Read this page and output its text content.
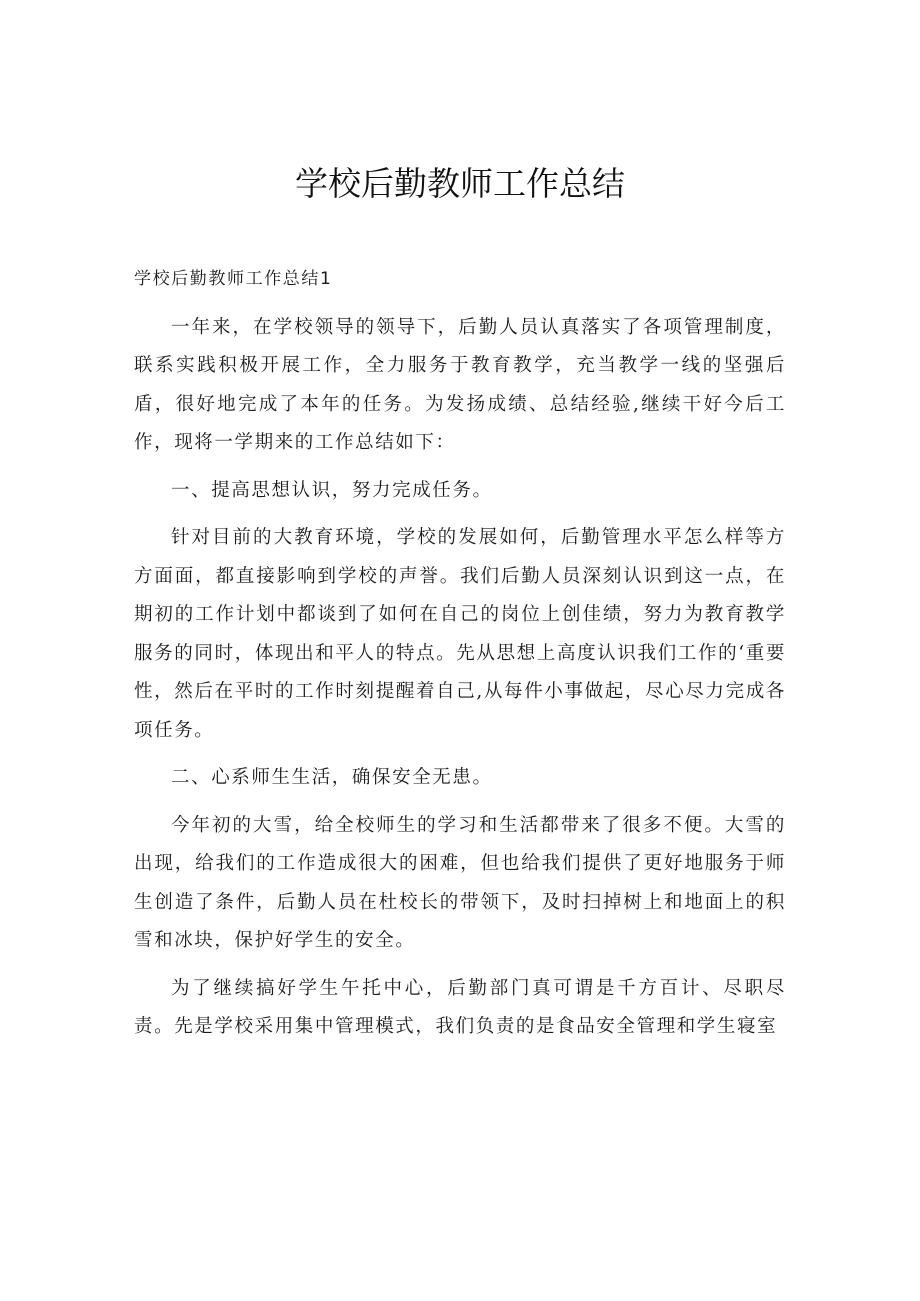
学校后勤教师工作总结

学校后勤教师工作总结1

一年来，在学校领导的领导下，后勤人员认真落实了各项管理制度，联系实践积极开展工作，全力服务于教育教学，充当教学一线的坚强后盾，很好地完成了本年的任务。为发扬成绩、总结经验,继续干好今后工作，现将一学期来的工作总结如下：

一、提高思想认识，努力完成任务。

针对目前的大教育环境，学校的发展如何，后勤管理水平怎么样等方方面面，都直接影响到学校的声誉。我们后勤人员深刻认识到这一点，在期初的工作计划中都谈到了如何在自己的岗位上创佳绩，努力为教育教学服务的同时，体现出和平人的特点。先从思想上高度认识我们工作的‘重要性，然后在平时的工作时刻提醒着自己,从每件小事做起，尽心尽力完成各项任务。

二、心系师生生活，确保安全无患。

今年初的大雪，给全校师生的学习和生活都带来了很多不便。大雪的出现，给我们的工作造成很大的困难，但也给我们提供了更好地服务于师生创造了条件，后勤人员在杜校长的带领下，及时扫掉树上和地面上的积雪和冰块，保护好学生的安全。

为了继续搞好学生午托中心，后勤部门真可谓是千方百计、尽职尽责。先是学校采用集中管理模式，我们负责的是食品安全管理和学生寝室
